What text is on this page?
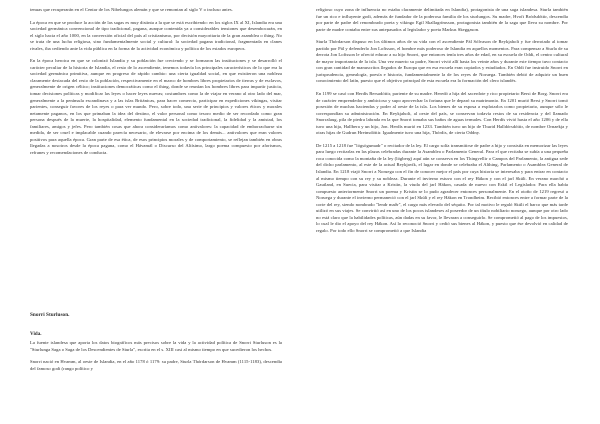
tenuas que recuperarán en el Centar de los Nibelungos alemán y que se remontan al siglo V o incluso antes.

La época en que se produce la acción de las sagas es muy distinta a la que se está escribiendo: en los siglos IX al XI, Islandia era una sociedad germánica convencional de tipo tradicional, pagana, aunque contenida ya a considerables tensiones que desembocarán, en el siglo hacia el año 1000, en la conversión oficial del país al cristianismo, por decisión mayoritaria de la gran asamblea o thing. No se trata de una lucha religiosa, sino fundamentalmente social y cultural: la sociedad pagana tradicional, fragmentada en clanes rivales, iba cediendo ante la vida pública en la forma de la actividad económica y política de los estados europeos.

En la época heroica en que se colonizó Islandia y su población fue creciendo y se formaron las instituciones y se desarrolló el carácter peculiar de la historia de Islandia, el resto de lo ascendiente, tenemos todavía los principales característicos de lo que era la sociedad germánica primitiva, aunque en progreso de rápido cambio: una cierta igualdad social, en que existieron una nobleza claramente destacada del resto de la población, respectivamente en el marco de hombres libres propietarios de tierras y de esclavos, generalmente de origen céltico; instituciones democráticas como el thing, donde se reunían los hombres libres para impartir justicia, tomar decisiones políticas y modificar las leyes o hacer leyes nuevas; costumbres como la de viajar en verano al otro lado del mar, generalmente a la península escandinava y a las islas Británicas, para hacer comercio, participar en expediciones vikingas, visitar parientes, conseguir favores de los reyes o para ver mundo. Pero, sobre todo, una serie de principios y valores éticos y morales netamente paganos, en los que primaban la idea del destino, el valor personal como tesoro medio de ser recordado como gran persona después de la muerte, la hospitalidad, elemento fundamental en la sociedad tradicional, la fidelidad y la amistad, los familiares, amigos y jefes. Pero también cosas que ahora consideraríamos como antivalores: la capacidad de emborracharse sin medida, de ser cruel e implacable cuando parecía necesario, de elevarse por encima de los demás... antivalores que eran valores positivos para aquella época. Gran parte de esa ética, de esos principios morales y de comportamiento, se reflejan también en obras llegadas a nosotros desde la época pagana, como el Hávamál o Discurso del Altísimo, largo poema compuesto por aforismos, refranes y recomendaciones de conducta.

Snorri Sturluson.

Vida.

La fuente islandesa que aporta los datos biográficos más precisos sobre la vida y la actividad política de Snorri Sturluson es la "Sturlunga Saga o Saga de los Descendientes de Sturla", escrita en el s. XIII casi al mismo tiempo en que sucedieron los hechos.

Snorri nació en Hvamm, al oeste de Islandia, en el año 1178 ó 1179: su padre, Sturla Thórdarson de Hvamm (1115-1183), descendía del famoso godi (rango político y

religioso cuyo zona de influencia no estaba claramente delimitada en Islandia), protagonista de una saga islandesa. Sturla también fue un rico e influyente godi, además de fundador de la poderosa familia de los sturlungos. Su madre, Hvoft Bródsdóttir, descendía por parte de padre del renombrado poeta y vikingo Egil Skallagrímsson, protagonista también de la saga que lleva su nombre. Por parte de madre contaba entre sus antepasados al legislador y poeta Markus Skeggason.

Sturla Thórdarson dispuso en los últimos años de su vida con el ascendiente Pál Sólvason de Reykjaholt y fue derrotado al tomar partido por Pál y defenderlo Jon Loftsson, el hombre más poderoso de Islandia en aquellos momentos. Para compensar a Sturla de su derrota Jon Loftsson le ofreció educar a su hijo Snorri, que entonces tenía tres años de edad, en su escuela de Oddi, el centro cultural de mayor importancia de la isla. Una vez muerto su padre, Snorri vivió allí hasta los veinte años y durante este tiempo tuvo contacto con gran cantidad de manuscritos llegados de Europa que en esa escuela eran copiados y estudiados. En Oddi fue instruido Snorri en jurisprudencia, genealogía, poesía e historia, fundamentalmente la de los reyes de Noruega. También debió de adquirir un buen conocimiento del latín, puesto que el objetivo principal de esta escuela era la formación del clero islandés.

En 1199 se casó con Herdís Bersadóttir, pariente de su madre. Heredó a hija del sacerdote y rico propietario Bersi de Borg. Snorri era de carácter emprendedor y ambicioso y supo aprovechar la fortuna que le deparó su matrimonio. En 1201 murió Bersi y Snorri tomó posesión de muchas haciendas y poder al oeste de la isla. Los bienes de su esposa a explotarlos como propietario, aunque sólo le correspondían su administración. En Reykjaholt, al oeste del país, se conservan todavía restos de su residencia y del llamado Snorralaug, pila de piedra labrada en la que Snorri tomaba sus baños de aguas termales. Con Herdís vivió hasta el año 1206 y de ella tuvo una hija, Hallbera y un hijo, Jon. Herdís murió en 1233. También tuvo un hijo de Thurid Halldórsdóttir, de nombre Ornaekja y otras hijas de Gudrun Hreinsdóttir. Igualmente tuvo una hija, Thórdis, de cierta Oddny.

De 1215 a 1218 fue "lögsögumadr" o recitador de la ley. El cargo solía transmitirse de padre a hijo y consistía en memorizar las leyes para luego recitarlas en las plazas celebradas durante la Asamblea o Parlamento General. Para el que recitaba se subía a una pequeña roca conocida como la montaña de la ley (lögberg) aquí aún se conserva en los Thingvellir o Campos del Parlamento, la antigua sede del dicho parlamento, al este de la actual Reykjavík, el lugar en donde se celebraba el Althing, Parlamento o Asamblea General de Islandia. En 1218 viajó Snorri a Noruega con el fin de conocer mejor el país por cuya historia se interesaba y para entrar en contacto al mismo tiempo con su rey y su nobleza. Durante el invierno estuvo con el rey Hákon y con el jarl Skúli. En verano marchó a Gautland, en Suecia, para visitar a Kristin, la viuda del jarl Hákon, casada de nuevo con Eskil el Legislador. Para ella había compuesto anteriormente Snorri un poema y Kristin se lo pudo agradecer entonces personalmente. En el otoño de 1219 regresó a Noruega y durante el invierno permaneció con el jarl Skúli y el rey Hákon en Trondheim. Recibió entonces entre a formar parte de la corte del rey, siendo nombrado "lendr maðr", el cargo más elevado del séquito. Por tal motivo le regaló Skúli el barco que más tarde utilizó en sus viajes. Se convirtió así en uno de los pocos islandeses al poseedor de un título nobiliario noruego, aunque por otro lado no está claro que la habilidades políticas, aún dadas en su favor, le llevaran a conseguirlo. Se comprometió al pago de los impuestos, lo cual le dio el apoyo del rey Hákon. Así lo reconoció Snorri y cedió sus bienes al Hákon, y puesto que ése devolvió en calidad de regalo. Por todo ello Snorri se comprometió a que Islandia
